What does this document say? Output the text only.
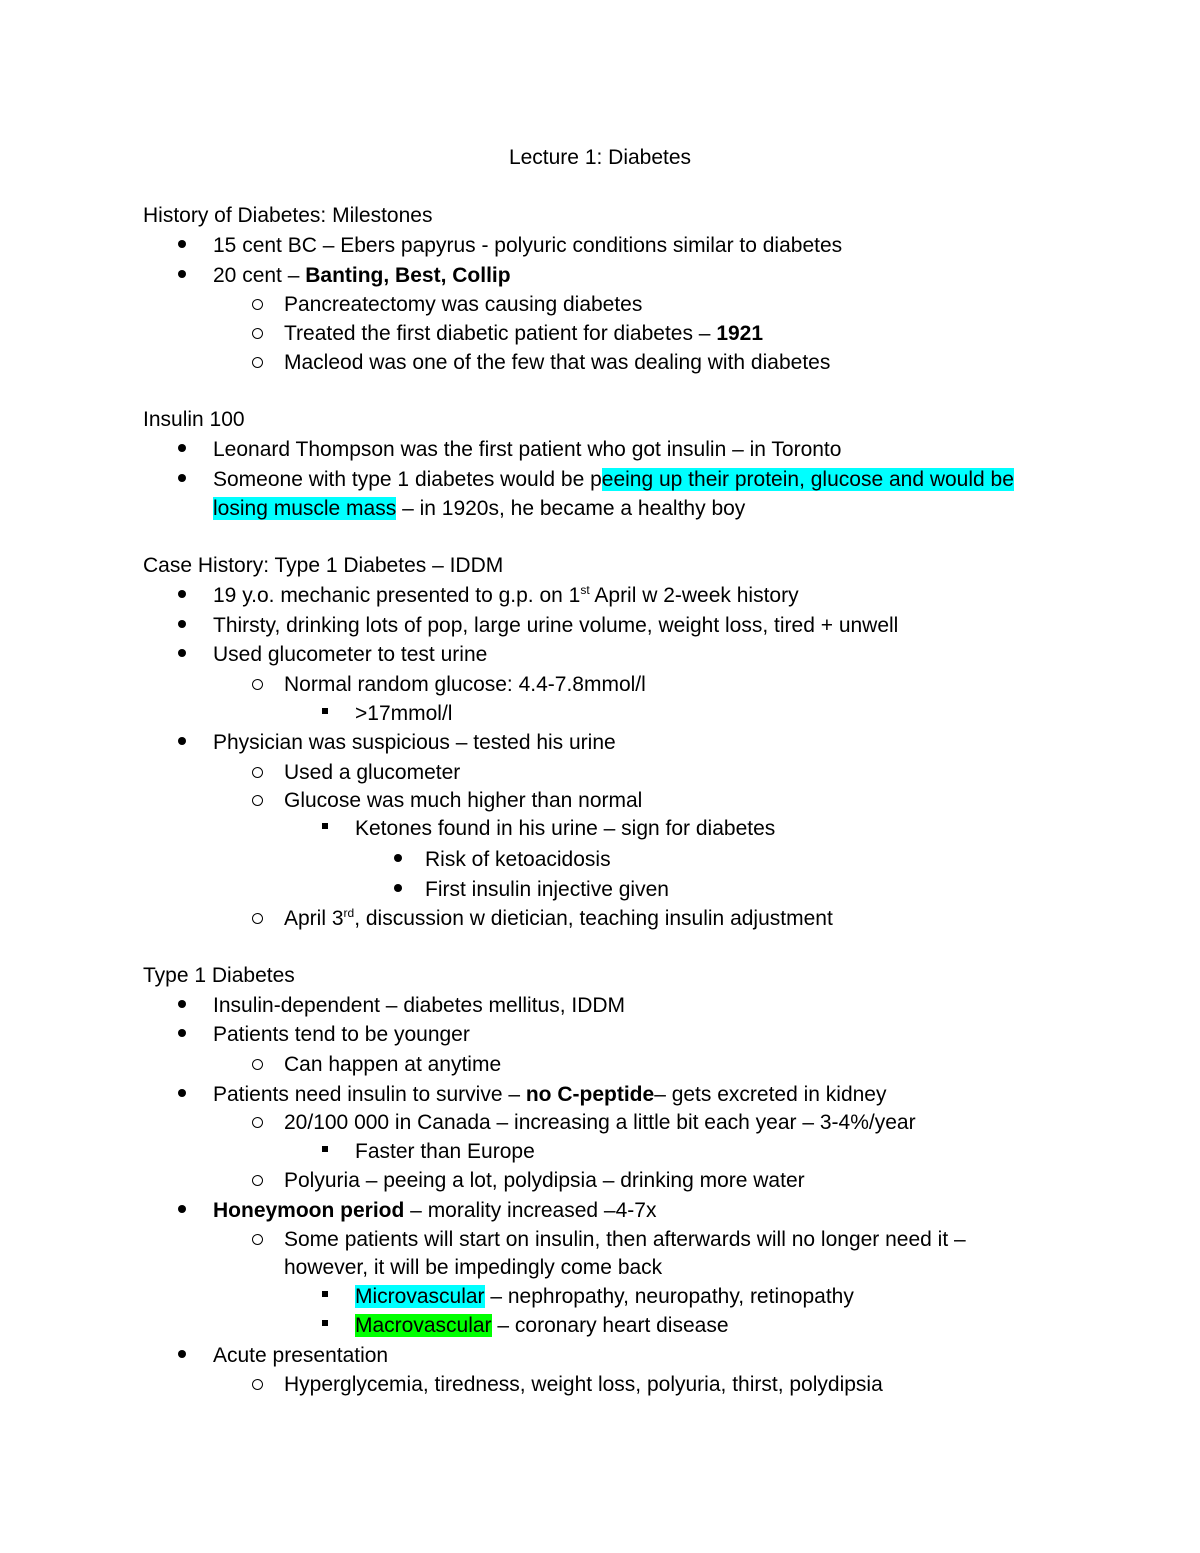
Lecture 1: Diabetes
History of Diabetes: Milestones
15 cent BC – Ebers papyrus - polyuric conditions similar to diabetes
20 cent – Banting, Best, Collip
Pancreatectomy was causing diabetes
Treated the first diabetic patient for diabetes – 1921
Macleod was one of the few that was dealing with diabetes
Insulin 100
Leonard Thompson was the first patient who got insulin – in Toronto
Someone with type 1 diabetes would be peeing up their protein, glucose and would be
losing muscle mass – in 1920s, he became a healthy boy
Case History: Type 1 Diabetes – IDDM
19 y.o. mechanic presented to g.p. on 1st April w 2-week history
Thirsty, drinking lots of pop, large urine volume, weight loss, tired + unwell
Used glucometer to test urine
Normal random glucose: 4.4-7.8mmol/l
>17mmol/l
Physician was suspicious – tested his urine
Used a glucometer
Glucose was much higher than normal
Ketones found in his urine – sign for diabetes
Risk of ketoacidosis
First insulin injective given
April 3rd, discussion w dietician, teaching insulin adjustment
Type 1 Diabetes
Insulin-dependent – diabetes mellitus, IDDM
Patients tend to be younger
Can happen at anytime
Patients need insulin to survive – no C-peptide– gets excreted in kidney
20/100 000 in Canada – increasing a little bit each year – 3-4%/year
Faster than Europe
Polyuria – peeing a lot, polydipsia – drinking more water
Honeymoon period – morality increased –4-7x
Some patients will start on insulin, then afterwards will no longer need it –
however, it will be impedingly come back
Microvascular – nephropathy, neuropathy, retinopathy
Macrovascular – coronary heart disease
Acute presentation
Hyperglycemia, tiredness, weight loss, polyuria, thirst, polydipsia
